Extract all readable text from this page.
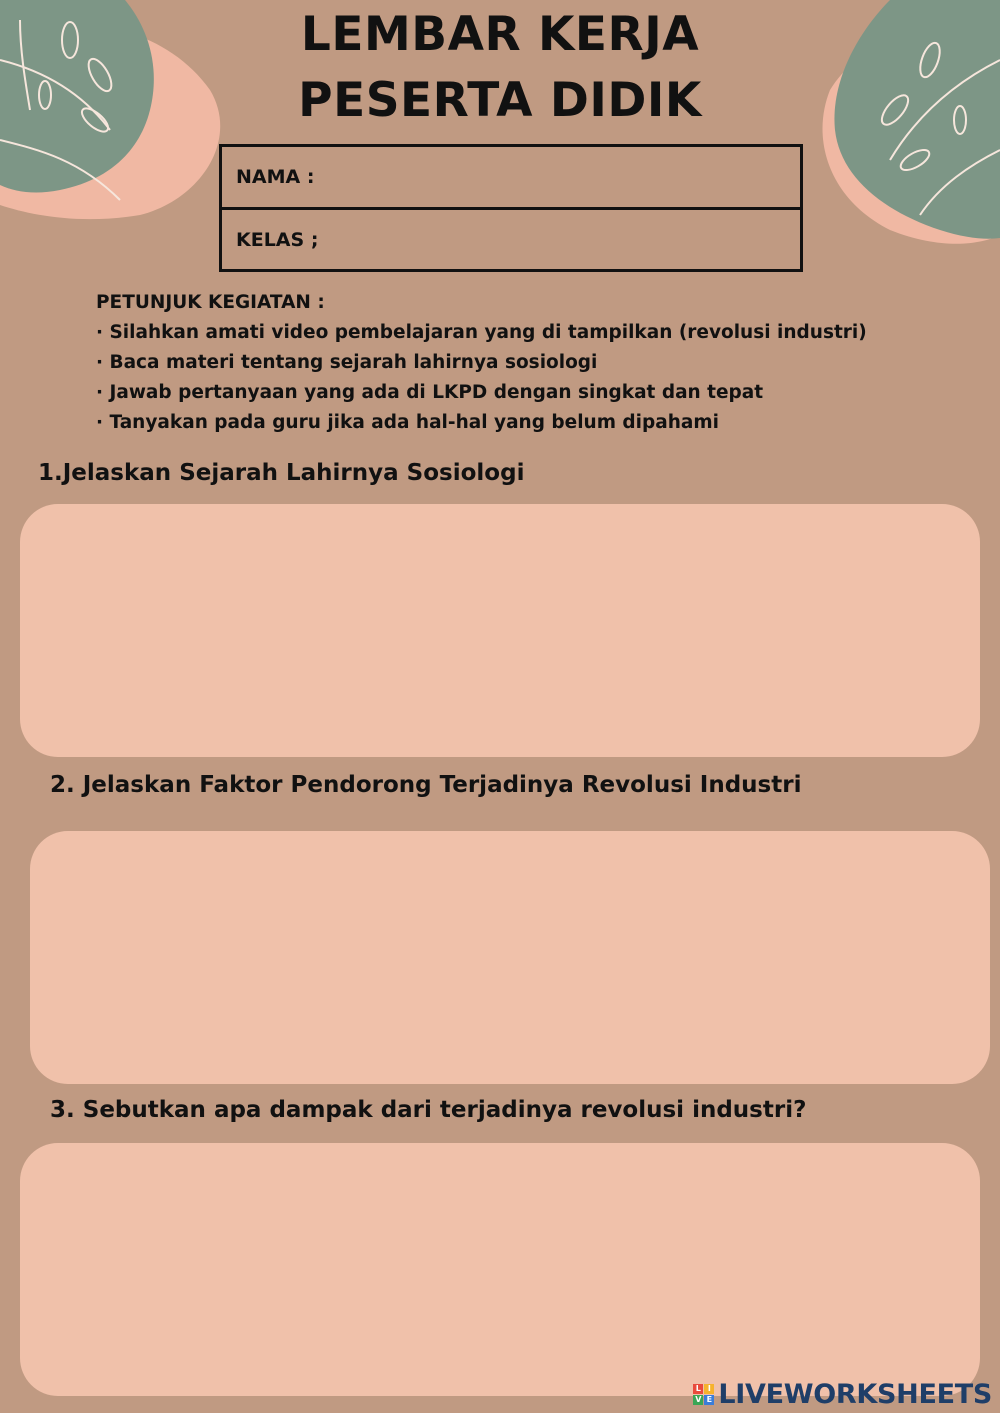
LEMBAR KERJA PESERTA DIDIK
NAMA :
KELAS ;
PETUNJUK KEGIATAN :
· Silahkan amati video pembelajaran yang di tampilkan (revolusi industri)
· Baca materi tentang sejarah lahirnya sosiologi
· Jawab pertanyaan yang ada di LKPD dengan singkat dan tepat
· Tanyakan pada guru jika ada hal-hal yang belum dipahami
1.Jelaskan Sejarah Lahirnya Sosiologi
2. Jelaskan Faktor Pendorong Terjadinya Revolusi Industri
3. Sebutkan apa dampak dari terjadinya revolusi industri?
L I
V E LIVEWORKSHEETS
